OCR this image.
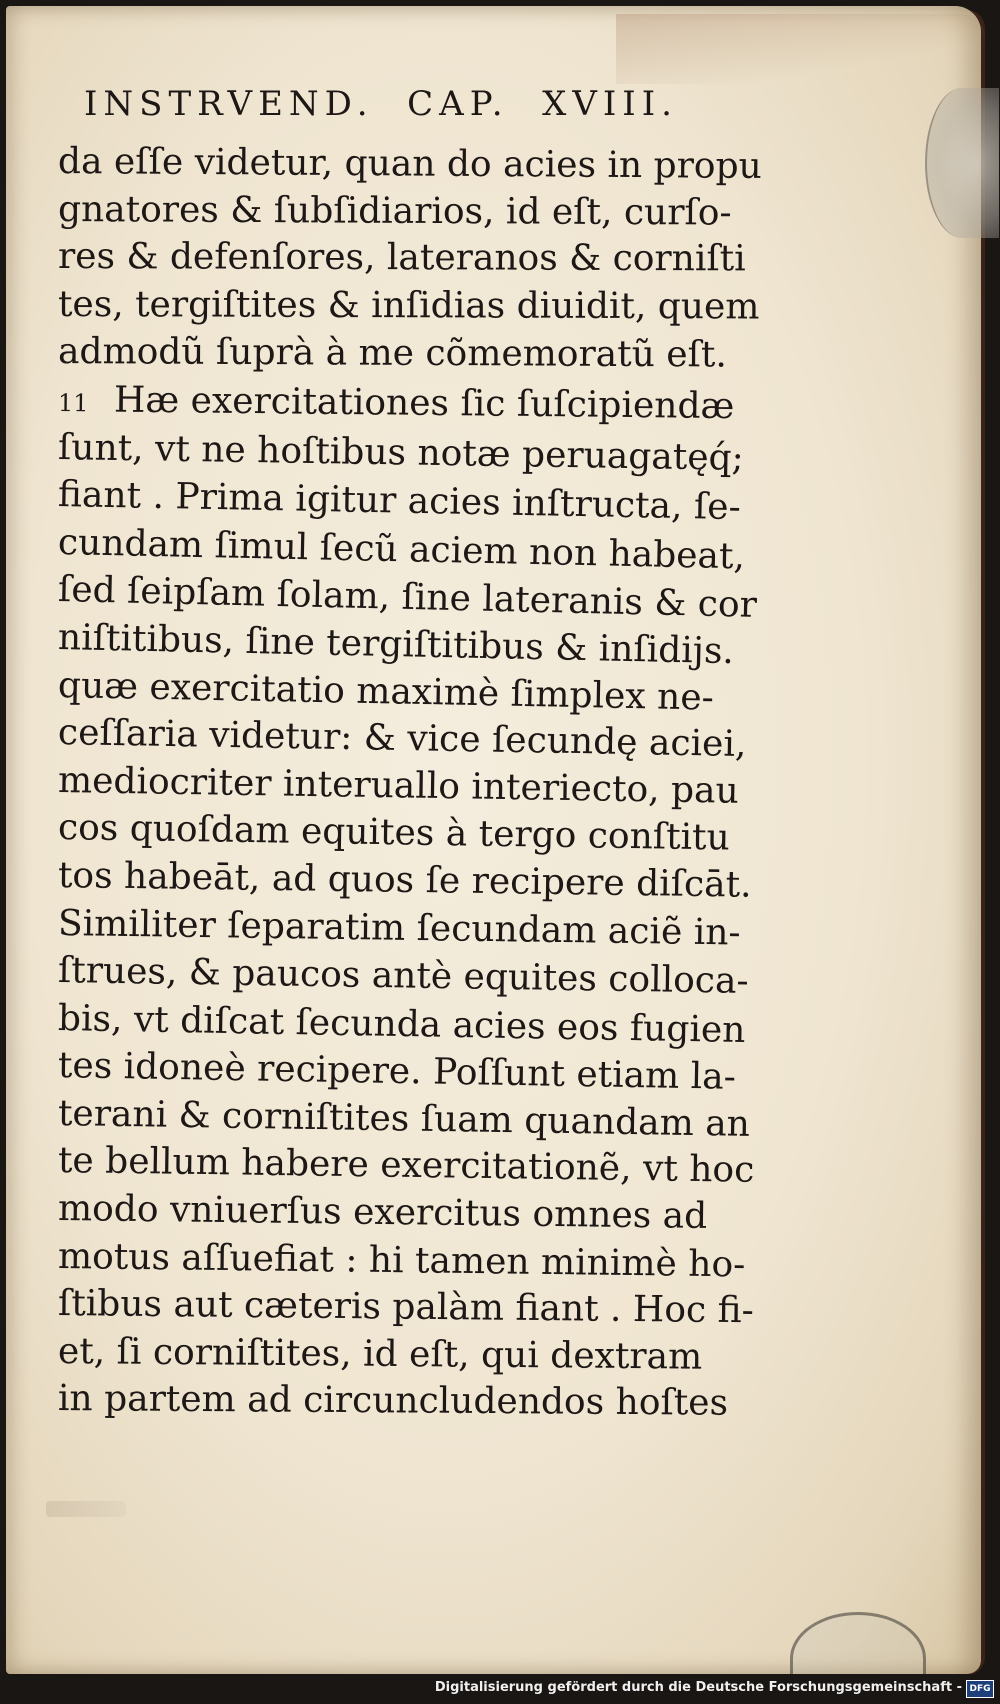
INSTRVEND.  CAP.  XVIII.
da eſſe videtur, quan do acies in propu
gnatores & ſubſidiarios, id eſt, curſo-
res & defenſores, lateranos & corniſti
tes, tergiſtites & inſidias diuidit, quem
admodũ ſuprà à me cõmemoratũ eſt.
11 Hæ exercitationes ſic ſuſcipiendæ
ſunt, vt ne hoſtibus notæ peruagatęq́;
fiant . Prima igitur acies inſtructa, ſe-
cundam ſimul ſecũ aciem non habeat,
ſed ſeipſam ſolam, ſine lateranis & cor
niſtitibus, ſine tergiſtitibus & inſidijs.
quæ exercitatio maximè ſimplex ne-
ceſſaria videtur: & vice ſecundę aciei,
mediocriter interuallo interiecto, pau
cos quoſdam equites à tergo conſtitu
tos habeāt, ad quos ſe recipere diſcāt.
Similiter ſeparatim ſecundam aciẽ in-
ſtrues, & paucos antè equites colloca-
bis, vt diſcat ſecunda acies eos fugien
tes idoneè recipere. Poſſunt etiam la-
terani & corniſtites ſuam quandam an
te bellum habere exercitationẽ, vt hoc
modo vniuerſus exercitus omnes ad
motus aſſuefiat : hi tamen minimè ho-
ſtibus aut cæteris palàm fiant . Hoc fi-
et, ſi corniſtites, id eſt, qui dextram
in partem ad circuncludendos hoſtes
Digitalisierung gefördert durch die Deutsche Forschungsgemeinschaft - DFG
